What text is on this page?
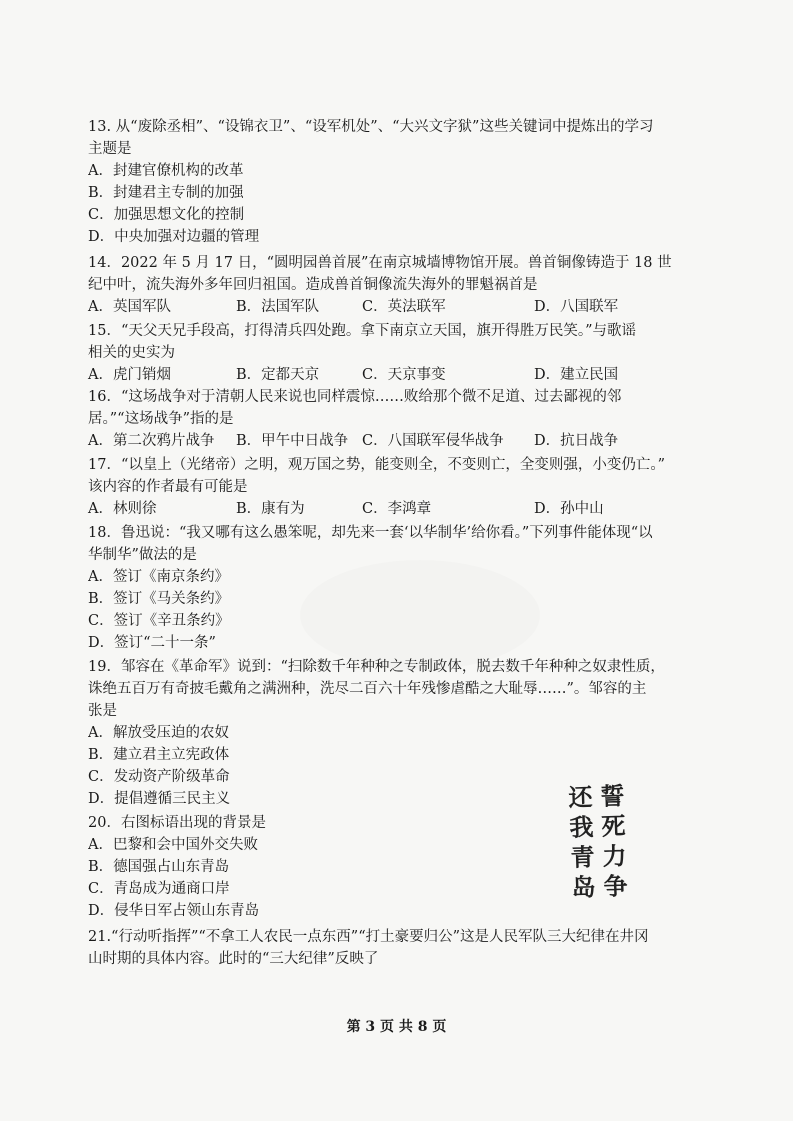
13. 从“废除丞相”、“设锦衣卫”、“设军机处”、“大兴文字狱”这些关键词中提炼出的学习
主题是
A．封建官僚机构的改革
B．封建君主专制的加强
C．加强思想文化的控制
D．中央加强对边疆的管理
14．2022 年 5 月 17 日，“圆明园兽首展”在南京城墙博物馆开展。兽首铜像铸造于 18 世
纪中叶，流失海外多年回归祖国。造成兽首铜像流失海外的罪魁祸首是
A．英国军队	B．法国军队	C．英法联军	D．八国联军
15．“天父天兄手段高，打得清兵四处跑。拿下南京立天国，旗开得胜万民笑。”与歌谣
相关的史实为
A．虎门销烟	B．定都天京	C．天京事变	D．建立民国
16．“这场战争对于清朝人民来说也同样震惊……败给那个微不足道、过去鄙视的邻
居。”“这场战争”指的是
A．第二次鸦片战争	B．甲午中日战争 C．八国联军侵华战争	D．抗日战争
17．“以皇上（光绪帝）之明，观万国之势，能变则全，不变则亡，全变则强，小变仍亡。”
该内容的作者最有可能是
A．林则徐	B．康有为	C．李鸿章	D．孙中山
18．鲁迅说：“我又哪有这么愚笨呢，却先来一套‘以华制华’给你看。”下列事件能体现“以
华制华”做法的是
A．签订《南京条约》
B．签订《马关条约》
C．签订《辛丑条约》
D．签订“二十一条”
19．邹容在《革命军》说到：“扫除数千年种种之专制政体，脱去数千年种种之奴隶性质，
诛绝五百万有奇披毛戴角之满洲种，洗尽二百六十年残惨虐酷之大耻辱……”。邹容的主
张是
A．解放受压迫的农奴
B．建立君主立宪政体
C．发动资产阶级革命
D．提倡遵循三民主义
20．右图标语出现的背景是
A．巴黎和会中国外交失败
B．德国强占山东青岛
C．青岛成为通商口岸
D．侵华日军占领山东青岛
21.“行动听指挥”“不拿工人农民一点东西”“打土豪要归公”这是人民军队三大纪律在井冈
山时期的具体内容。此时的“三大纪律”反映了
还 誓
我 死
青 力
岛 争
第 3 页 共 8 页
